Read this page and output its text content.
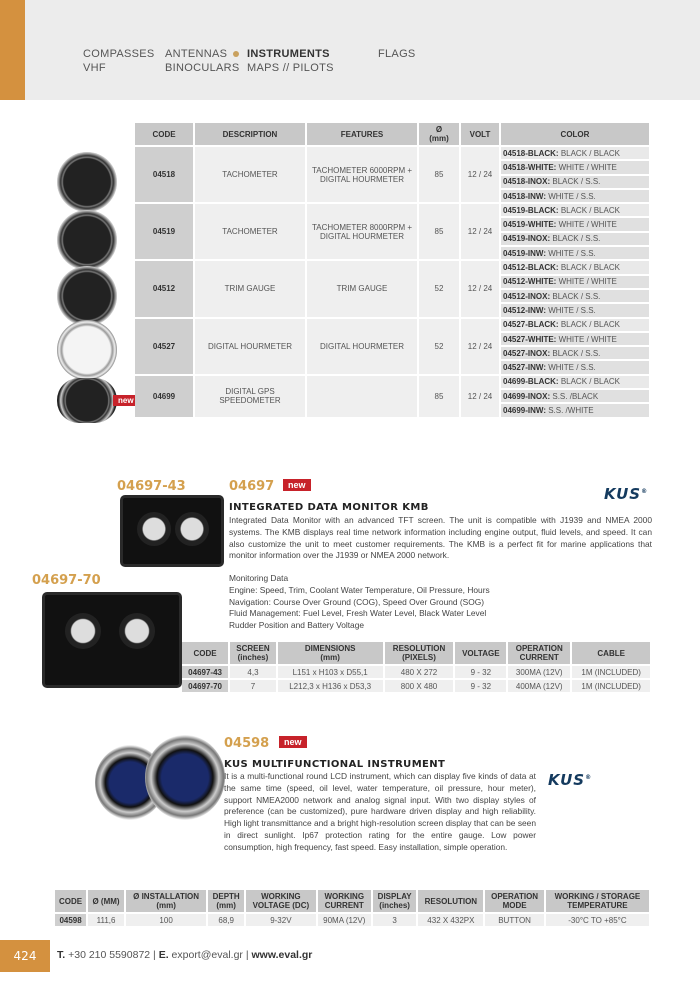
COMPASSES ANTENNAS INSTRUMENTS	FLAGS
VHF	BINOCULARS MAPS // PILOTS
new
CODE	DESCRIPTION	FEATURES	Ø
(mm)	VOLT	COLOR
04518	TACHOMETER	TACHOMETER 6000RPM + DIGITAL HOURMETER	85	12 / 24	04518-BLACK: BLACK / BLACK
					04518-WHITE: WHITE / WHITE
					04518-INOX: BLACK / S.S.
					04518-INW: WHITE / S.S.
04519	TACHOMETER	TACHOMETER 8000RPM + DIGITAL HOURMETER	85	12 / 24	04519-BLACK: BLACK / BLACK
					04519-WHITE: WHITE / WHITE
					04519-INOX: BLACK / S.S.
					04519-INW: WHITE / S.S.
04512	TRIM GAUGE	TRIM GAUGE	52	12 / 24	04512-BLACK: BLACK / BLACK
					04512-WHITE: WHITE / WHITE
					04512-INOX: BLACK / S.S.
					04512-INW: WHITE / S.S.
04527	DIGITAL HOURMETER	DIGITAL HOURMETER	52	12 / 24	04527-BLACK: BLACK / BLACK
					04527-WHITE: WHITE / WHITE
					04527-INOX: BLACK / S.S.
					04527-INW: WHITE / S.S.
04699	DIGITAL GPS SPEEDOMETER		85	12 / 24	04699-BLACK: BLACK / BLACK
					04699-INOX: S.S. /BLACK
					04699-INW: S.S. /WHITE
04697-43
04697-70
04697	new	KUS®
INTEGRATED DATA MONITOR KMB
Integrated Data Monitor with an advanced TFT screen. The unit is compatible with J1939 and NMEA 2000 systems. The KMB displays real time network information including engine output, fluid levels, and speed. It can also customize the unit to meet customer requirements. The KMB is a perfect fit for marine applications that monitor information over the J1939 or NMEA 2000 network.
Monitoring Data
Engine: Speed, Trim, Coolant Water Temperature, Oil Pressure, Hours
Navigation: Course Over Ground (COG), Speed Over Ground (SOG)
Fluid Management: Fuel Level, Fresh Water Level, Black Water Level
Rudder Position and Battery Voltage
CODE	SCREEN
(inches)	DIMENSIONS
(mm)	RESOLUTION
(PIXELS)	VOLTAGE	OPERATION
CURRENT	CABLE
04697-43	4,3	L151 x H103 x D55,1	480 X 272	9 - 32	300MA (12V)	1M (INCLUDED)
04697-70	7	L212,3 x H136 x D53,3	800 X 480	9 - 32	400MA (12V)	1M (INCLUDED)
04598	new
KUS MULTIFUNCTIONAL INSTRUMENT
It is a multi-functional round LCD instrument, which can display five kinds of data at the same time (speed, oil level, water temperature, oil pressure, hour meter), support NMEA2000 network and analog signal input. With two display styles of preference (can be customized), pure hardware driven display and high reliability. High light transmittance and a bright high-resolution screen display that can be seen in direct sunlight. Ip67 protection rating for the entire gauge. Low power consumption, high frequency, fast speed. Easy installation, simple operation.
KUS®
CODE	Ø (MM)	Ø INSTALLATION
(mm)	DEPTH
(mm)	WORKING
VOLTAGE (DC)	WORKING
CURRENT	DISPLAY
(inches)	RESOLUTION	OPERATION
MODE	WORKING / STORAGE
TEMPERATURE
04598	111,6	100	68,9	9-32V	90MA (12V)	3	432 X 432PX	BUTTON	-30°C TO +85°C
424	T. +30 210 5590872 | E. export@eval.gr | www.eval.gr
